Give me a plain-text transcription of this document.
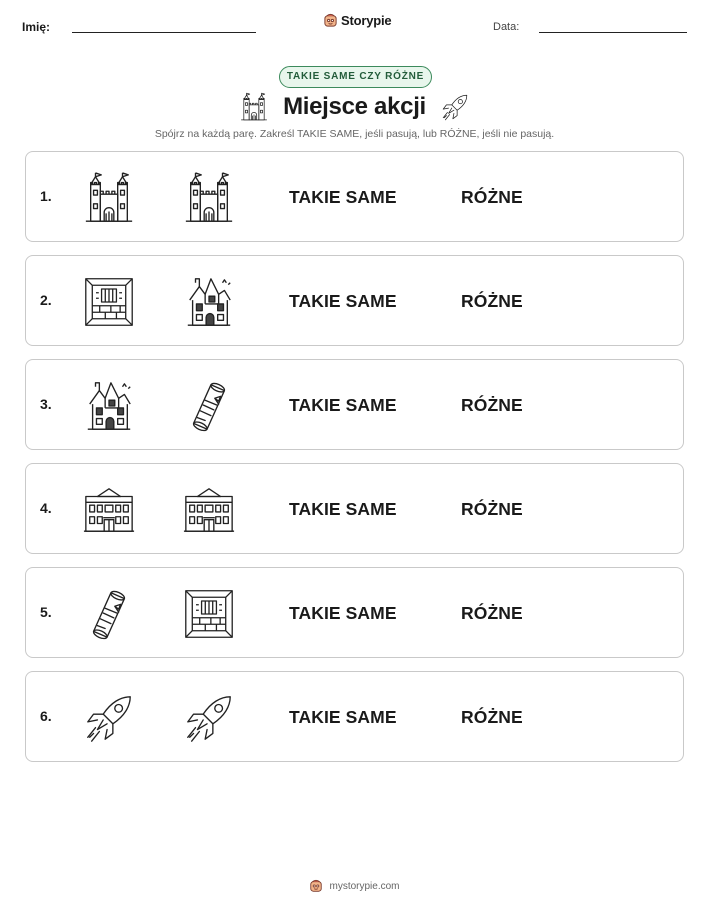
Imię:	Storypie	Data:
TAKIE SAME CZY RÓŻNE
Miejsce akcji

Spójrz na każdą parę. Zakreśl TAKIE SAME, jeśli pasują, lub RÓŻNE, jeśli nie pasują.

1.	TAKIE SAME	RÓŻNE
2.	TAKIE SAME	RÓŻNE
3.	TAKIE SAME	RÓŻNE
4.	TAKIE SAME	RÓŻNE
5.	TAKIE SAME	RÓŻNE
6.	TAKIE SAME	RÓŻNE
mystorypie.com
